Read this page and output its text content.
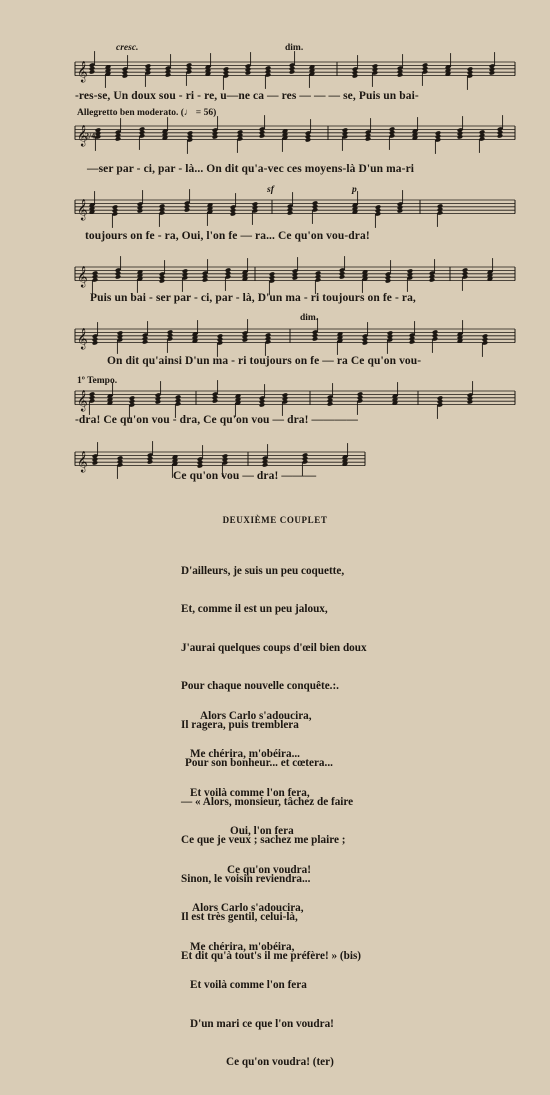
cresc.	dim.
𝄞
-res-se, Un doux sou - ri - re, u—ne ca — res — — — se, Puis un bai-
Allegretto ben moderato. (♩ = 56)
𝄞
2/4
—ser par - ci, par - là... On dit qu'a-vec ces moyens-là D'un ma-ri
sf	p
𝄞
toujours on fe - ra, Oui, l'on fe — ra... Ce qu'on vou-dra!
𝄞
Puis un bai - ser par - ci, par - là, D'un ma - ri toujours on fe - ra,
dim.
𝄞
On dit qu'ainsi D'un ma - ri toujours on fe — ra Ce qu'on vou-
1º Tempo.
𝄞
-dra! Ce qu'on vou - dra, Ce qu'on vou — dra! ————
𝄞
Ce qu'on vou — dra! ———
DEUXIÈME COUPLET

D'ailleurs, je suis un peu coquette,

Et, comme il est un peu jaloux,

J'aurai quelques coups d'œil bien doux

Pour chaque nouvelle conquête.:.

Il ragera, puis tremblera

Pour son bonheur... et cœtera...

— « Alors, monsieur, tâchez de faire

Ce que je veux ; sachez me plaire ;

Sinon, le voisin reviendra...

Il est très gentil, celui-là,

Et dit qu'à tout's il me préfère! » (bis)

Alors Carlo s'adoucira,

Me chérira, m'obéira...

Et voilà comme l'on fera,

Oui, l'on fera

Ce qu'on voudra!

Alors Carlo s'adoucira,

Me chérira, m'obéira,

Et voilà comme l'on fera

D'un mari ce que l'on voudra!

Ce qu'on voudra! (ter)
